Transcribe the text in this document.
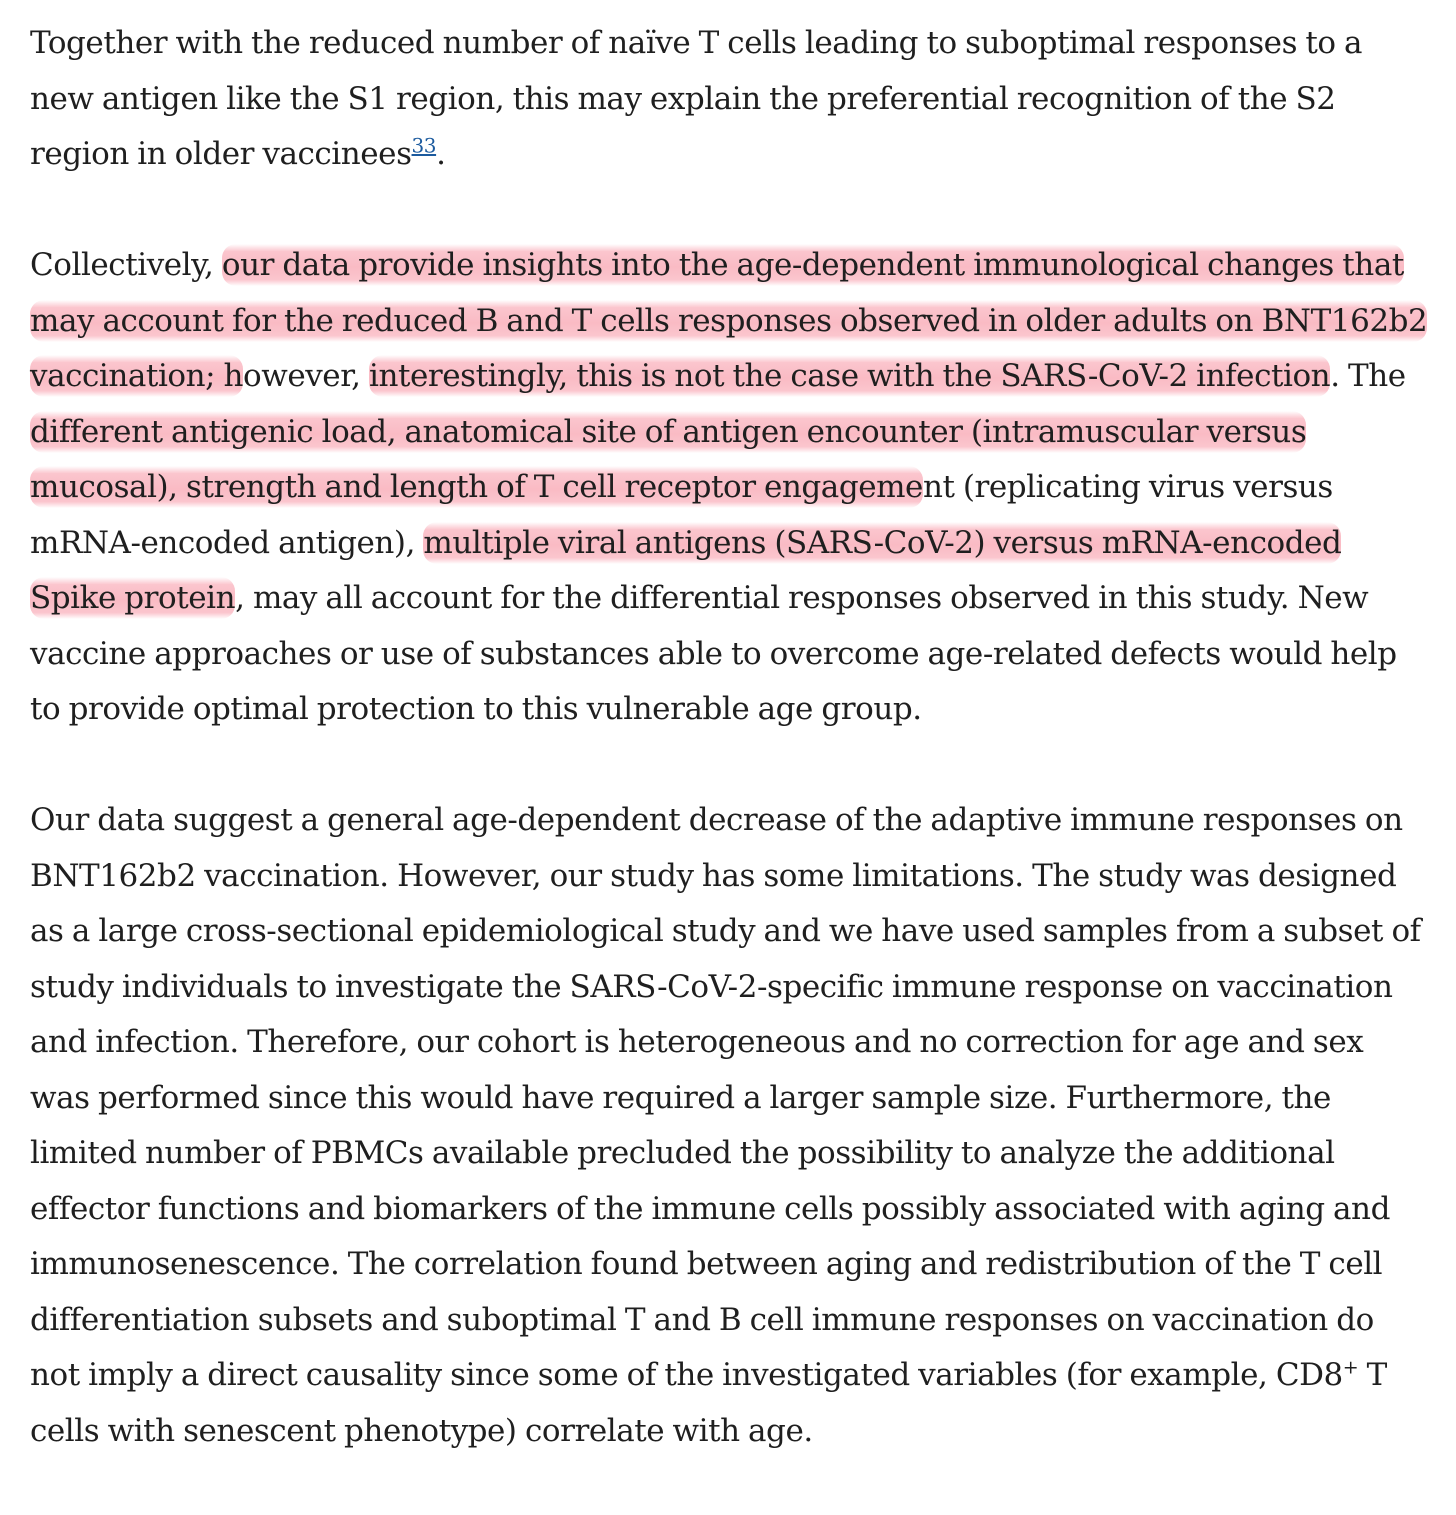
Together with the reduced number of naïve T cells leading to suboptimal responses to a new antigen like the S1 region, this may explain the preferential recognition of the S2 region in older vaccinees$^{33}$.

Collectively, our data provide insights into the age-dependent immunological changes that may account for the reduced B and T cells responses observed in older adults on BNT162b2 vaccination; however, interestingly, this is not the case with the SARS-CoV-2 infection. The different antigenic load, anatomical site of antigen encounter (intramuscular versus mucosal), strength and length of T cell receptor engagement (replicating virus versus mRNA-encoded antigen), multiple viral antigens (SARS-CoV-2) versus mRNA-encoded Spike protein, may all account for the differential responses observed in this study. New vaccine approaches or use of substances able to overcome age-related defects would help to provide optimal protection to this vulnerable age group.

Our data suggest a general age-dependent decrease of the adaptive immune responses on BNT162b2 vaccination. However, our study has some limitations. The study was designed as a large cross-sectional epidemiological study and we have used samples from a subset of study individuals to investigate the SARS-CoV-2-specific immune response on vaccination and infection. Therefore, our cohort is heterogeneous and no correction for age and sex was performed since this would have required a larger sample size. Furthermore, the limited number of PBMCs available precluded the possibility to analyze the additional effector functions and biomarkers of the immune cells possibly associated with aging and immunosenescence. The correlation found between aging and redistribution of the T cell differentiation subsets and suboptimal T and B cell immune responses on vaccination do not imply a direct causality since some of the investigated variables (for example, CD8+ T cells with senescent phenotype) correlate with age.
